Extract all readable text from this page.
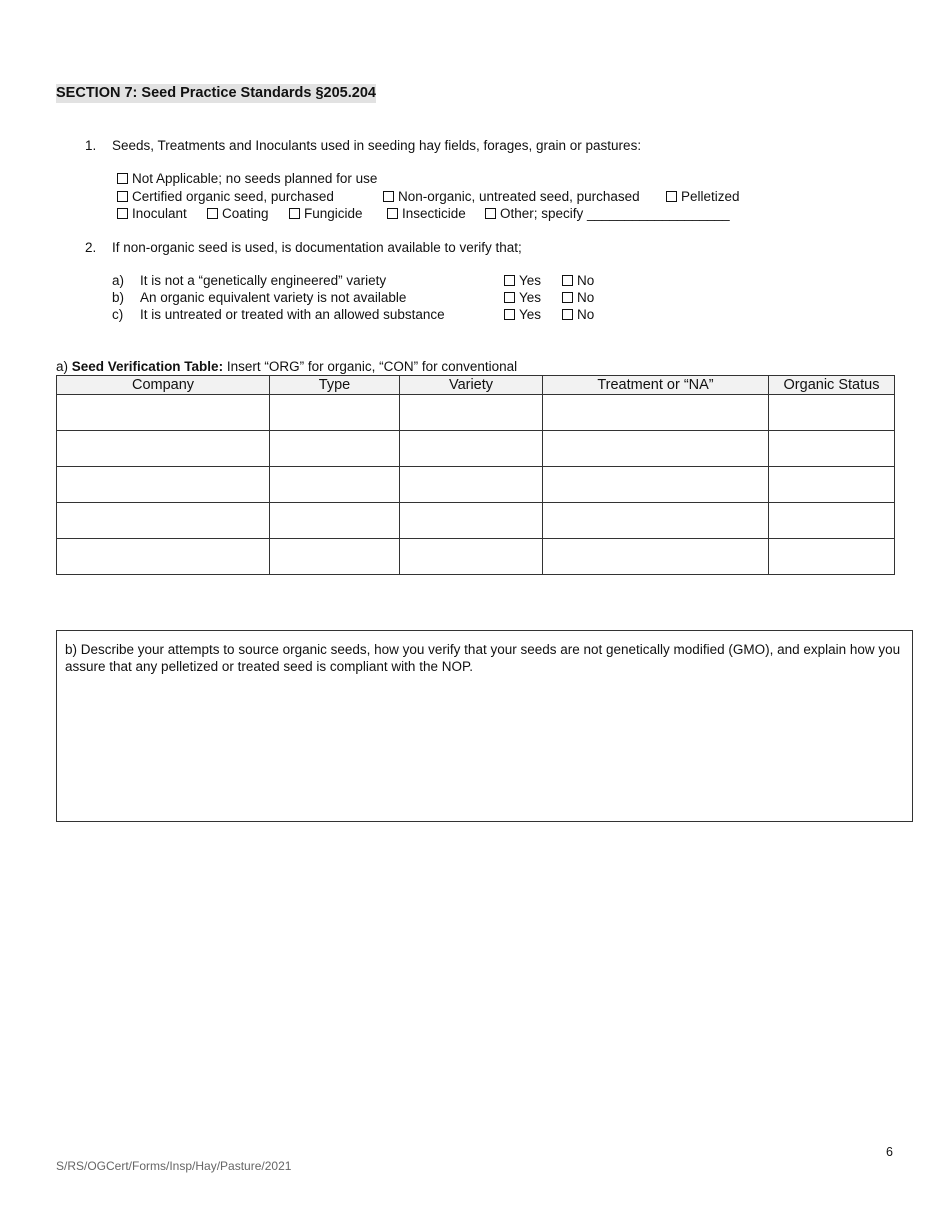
SECTION 7: Seed Practice Standards §205.204
1. Seeds, Treatments and Inoculants used in seeding hay fields, forages, grain or pastures:
Not Applicable; no seeds planned for use
Certified organic seed, purchased	Non-organic, untreated seed, purchased	Pelletized
Inoculant	Coating	Fungicide	Insecticide	Other; specify ___________________
2. If non-organic seed is used, is documentation available to verify that;
a) It is not a “genetically engineered” variety	Yes	No
b) An organic equivalent variety is not available	Yes	No
c) It is untreated or treated with an allowed substance	Yes	No
a) Seed Verification Table: Insert “ORG” for organic, “CON” for conventional
Company	Type	Variety	Treatment or “NA”	Organic Status

b) Describe your attempts to source organic seeds, how you verify that your seeds are not genetically modified (GMO), and explain how you assure that any pelletized or treated seed is compliant with the NOP.
6
S/RS/OGCert/Forms/Insp/Hay/Pasture/2021
